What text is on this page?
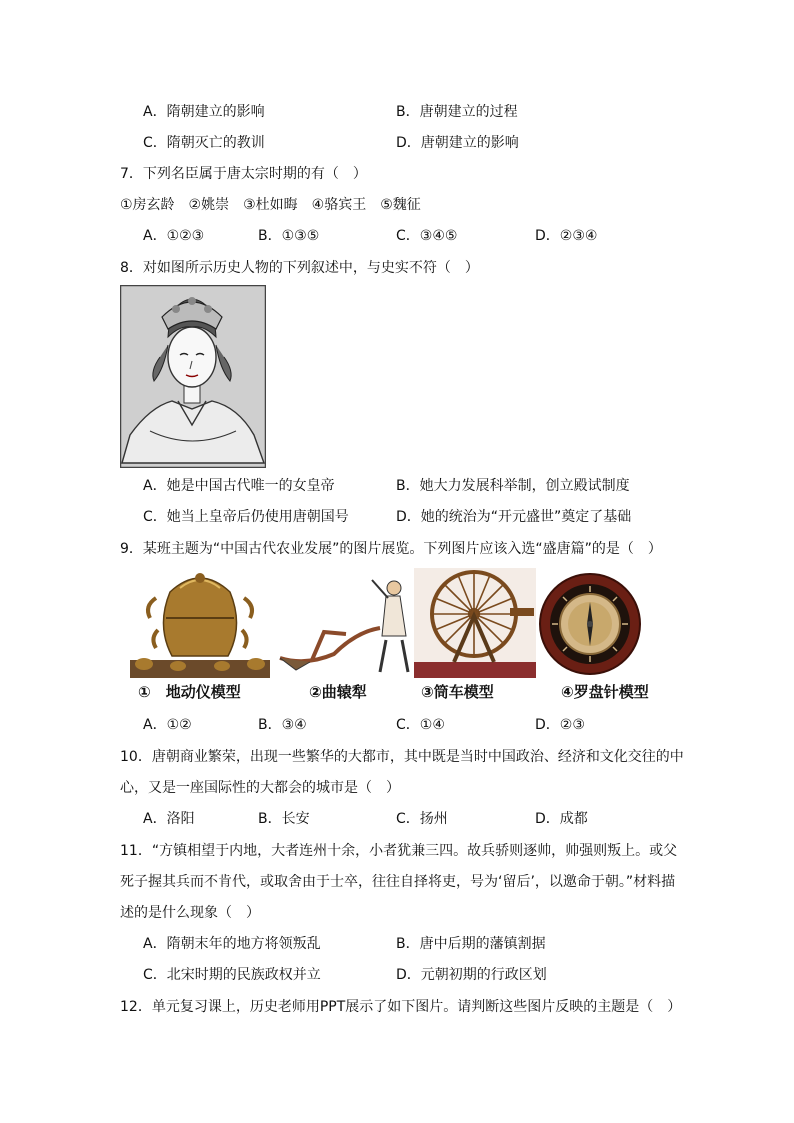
A．隋朝建立的影响	B．唐朝建立的过程
C．隋朝灭亡的教训	D．唐朝建立的影响
7．下列名臣属于唐太宗时期的有（　）
①房玄龄　②姚崇　③杜如晦　④骆宾王　⑤魏征
A．①②③	B．①③⑤	C．③④⑤	D．②③④
8．对如图所示历史人物的下列叙述中，与史实不符（　）
A．她是中国古代唯一的女皇帝	B．她大力发展科举制，创立殿试制度
C．她当上皇帝后仍使用唐朝国号	D．她的统治为“开元盛世”奠定了基础
9．某班主题为“中国古代农业发展”的图片展览。下列图片应该入选“盛唐篇”的是（　）
①　地动仪模型	②曲辕犁	③筒车模型	④罗盘针模型
A．①②	B．③④	C．①④	D．②③
10．唐朝商业繁荣，出现一些繁华的大都市，其中既是当时中国政治、经济和文化交往的中
心，又是一座国际性的大都会的城市是（　）
A．洛阳	B．长安	C．扬州	D．成都
11．“方镇相望于内地，大者连州十余，小者犹兼三四。故兵骄则逐帅，帅强则叛上。或父
死子握其兵而不肯代，或取舍由于士卒，往往自择将吏，号为‘留后’，以邀命于朝。”材料描
述的是什么现象（　）
A．隋朝末年的地方将领叛乱	B．唐中后期的藩镇割据
C．北宋时期的民族政权并立	D．元朝初期的行政区划
12．单元复习课上，历史老师用PPT展示了如下图片。请判断这些图片反映的主题是（　）
